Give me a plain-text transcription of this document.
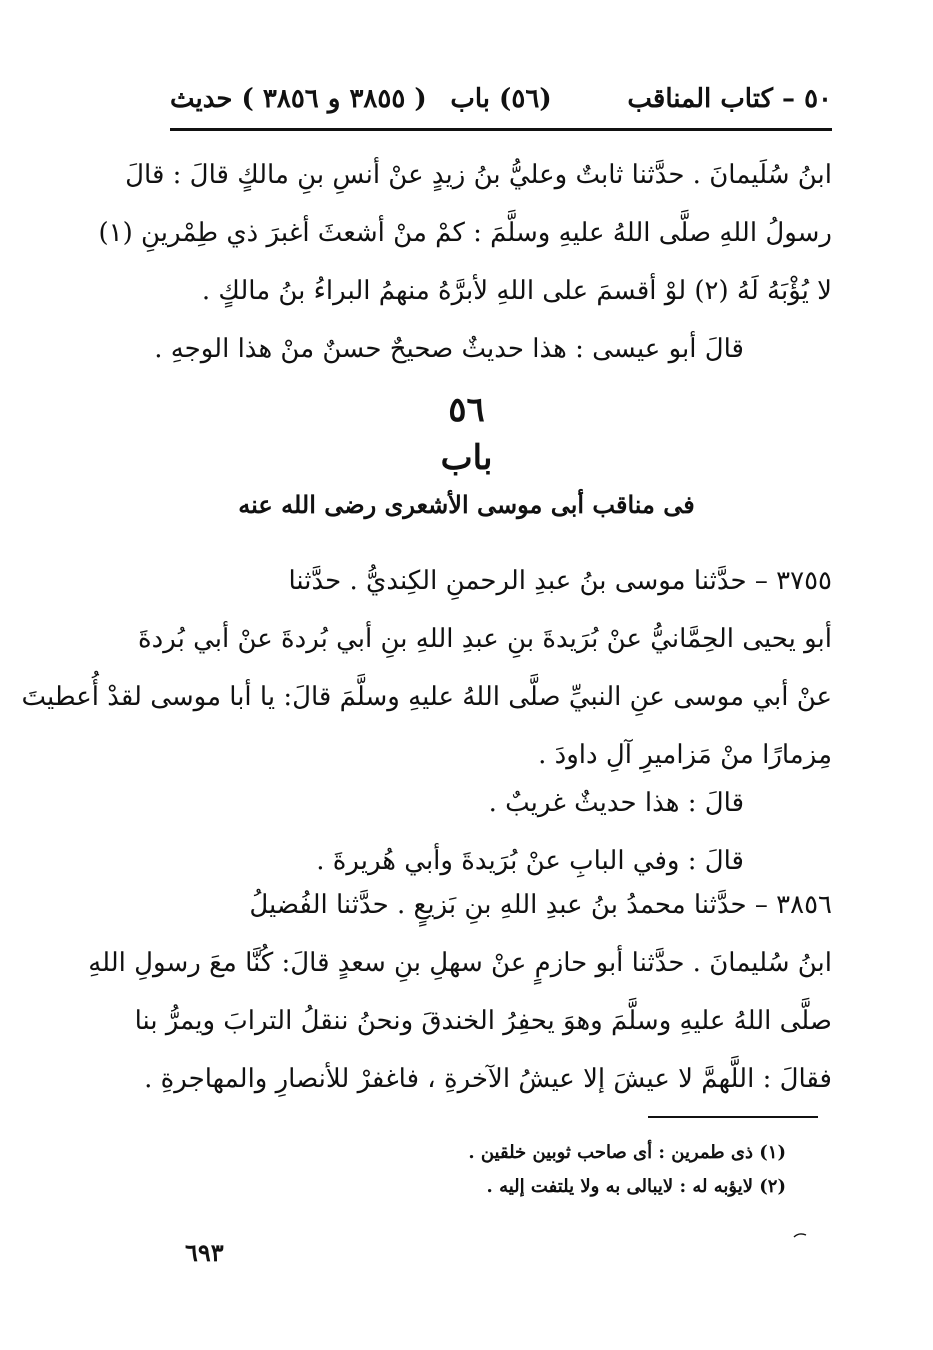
٥٠ – كتاب المناقب
(٥٦) باب
( ٣٨٥٥ و ٣٨٥٦ ) حديث
ابنُ سُلَيمانَ . حدَّثنا ثابتٌ وعليُّ بنُ زيدٍ عنْ أنسِ بنِ مالكٍ قالَ : قالَ
رسولُ اللهِ صلَّى اللهُ عليهِ وسلَّمَ : كمْ منْ أشعثَ أغبرَ ذي طِمْرينِ (١)
لا يُؤْبَهُ لَهُ (٢) لوْ أقسمَ على اللهِ لأبرَّهُ منهمُ البراءُ بنُ مالكٍ .
قالَ أبو عيسى : هذا حديثٌ صحيحٌ حسنٌ منْ هذا الوجهِ .
٥٦
باب
فى مناقب أبى موسى الأشعرى رضى الله عنه
٣٧٥٥ – حدَّثنا موسى بنُ عبدِ الرحمنِ الكِنديُّ . حدَّثنا
أبو يحيى الحِمَّانيُّ عنْ بُرَيدةَ بنِ عبدِ اللهِ بنِ أبي بُردةَ عنْ أبي بُردةَ
عنْ أبي موسى عنِ النبيِّ صلَّى اللهُ عليهِ وسلَّمَ قالَ: يا أبا موسى لقدْ أُعطيتَ
مِزمارًا منْ مَزاميرِ آلِ داودَ .
قالَ : هذا حديثٌ غريبٌ .
قالَ : وفي البابِ عنْ بُرَيدةَ وأبي هُريرةَ .
٣٨٥٦ – حدَّثنا محمدُ بنُ عبدِ اللهِ بنِ بَزيعٍ . حدَّثنا الفُضيلُ
ابنُ سُليمانَ . حدَّثنا أبو حازمٍ عنْ سهلِ بنِ سعدٍ قالَ: كُنَّا معَ رسولِ اللهِ
صلَّى اللهُ عليهِ وسلَّمَ وهوَ يحفِرُ الخندقَ ونحنُ ننقلُ الترابَ ويمرُّ بنا
فقالَ : اللَّهمَّ لا عيشَ إلا عيشُ الآخرةِ ، فاغفرْ للأنصارِ والمهاجرةِ .
(١) ذى طمرين : أى صاحب ثوبين خلقين .
(٢) لايؤبه له : لايبالى به ولا يلتفت إليه .
٦٩٣
